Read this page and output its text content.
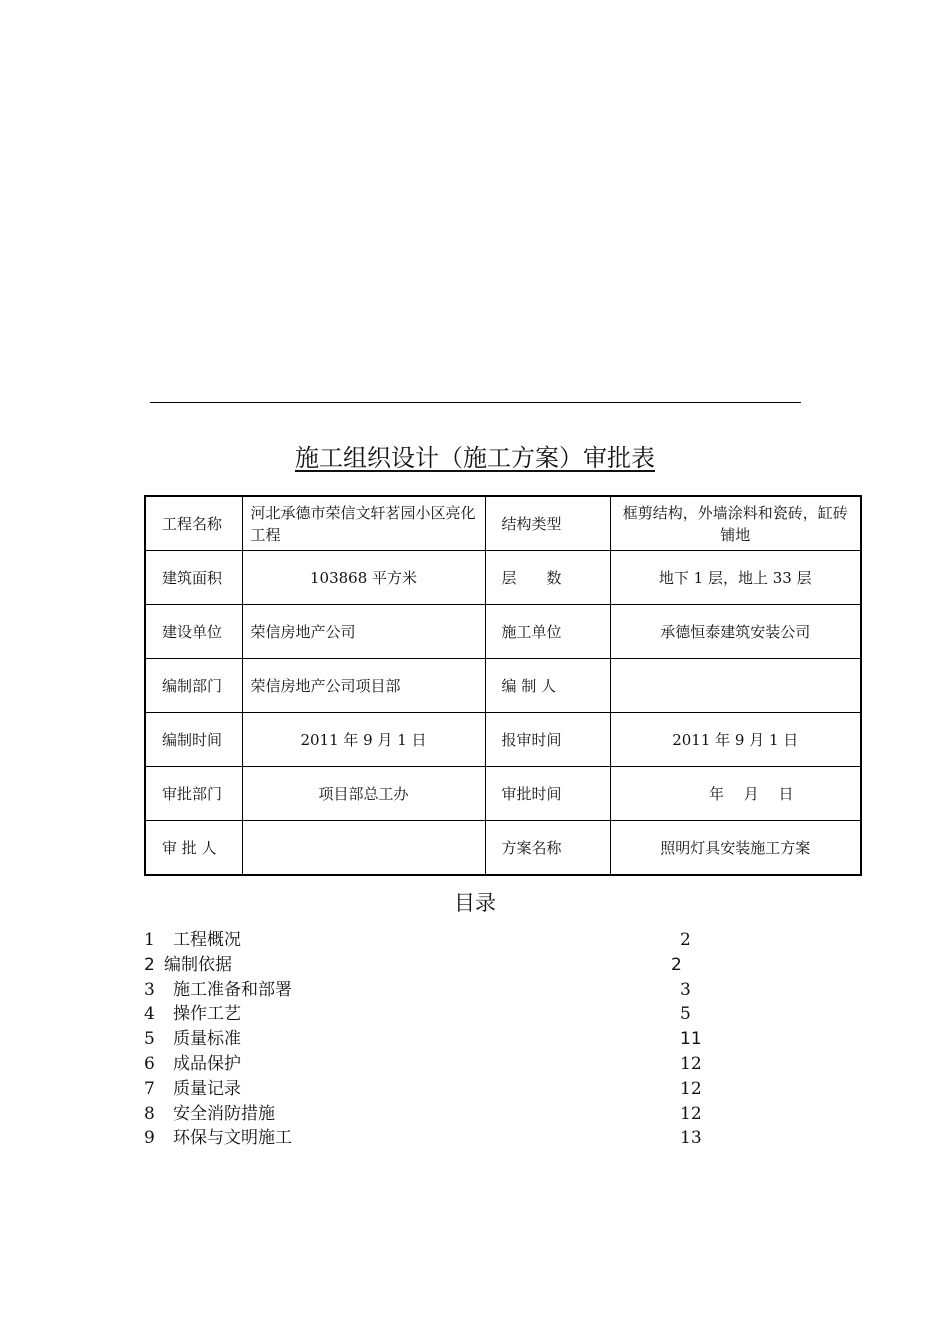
施工组织设计（施工方案）审批表
工程名称	河北承德市荣信文轩茗园小区亮化工程	结构类型	框剪结构，外墙涂料和瓷砖，缸砖铺地
建筑面积	103868 平方米	层　　数	地下 1 层，地上 33 层
建设单位	荣信房地产公司	施工单位	承德恒泰建筑安装公司
编制部门	荣信房地产公司项目部	编 制 人	
编制时间	2011 年 9 月 1 日	报审时间	2011 年 9 月 1 日
审批部门	项目部总工办	审批时间	年　 月　 日
审 批 人		方案名称	照明灯具安装施工方案
目录
1 工程概况	2
2 编制依据	2
3 施工准备和部署	3
4 操作工艺	5
5 质量标准	11
6 成品保护	12
7 质量记录	12
8 安全消防措施	12
9 环保与文明施工	13
